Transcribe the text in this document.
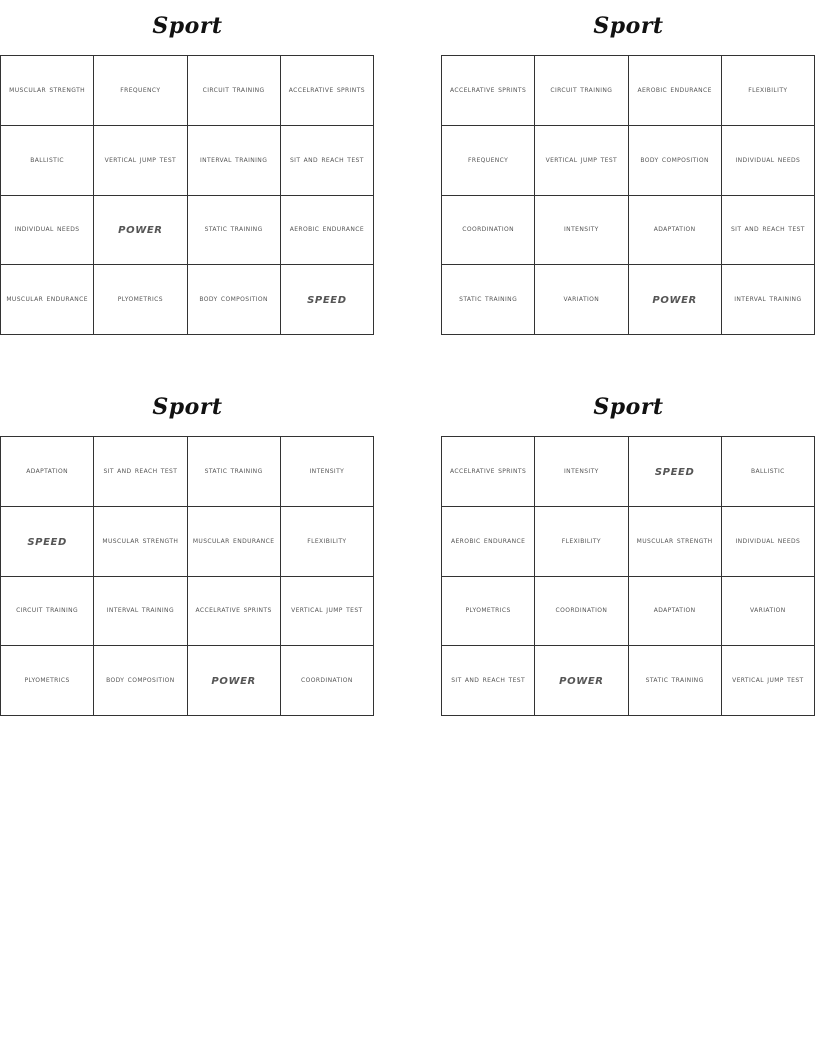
Sport
muscular strength	frequency	circuit training	accelrative sprints
ballistic	vertical jump test	interval training	sit and reach test
individual needs	power	static training	aerobic endurance
muscular endurance	plyometrics	body composition	speed
Sport
accelrative sprints	circuit training	aerobic endurance	flexibility
frequency	vertical jump test	body composition	individual needs
coordination	intensity	adaptation	sit and reach test
static training	variation	power	interval training
Sport
adaptation	sit and reach test	static training	intensity
speed	muscular strength	muscular endurance	flexibility
circuit training	interval training	accelrative sprints	vertical jump test
plyometrics	body composition	power	coordination
Sport
accelrative sprints	intensity	speed	ballistic
aerobic endurance	flexibility	muscular strength	individual needs
plyometrics	coordination	adaptation	variation
sit and reach test	power	static training	vertical jump test
